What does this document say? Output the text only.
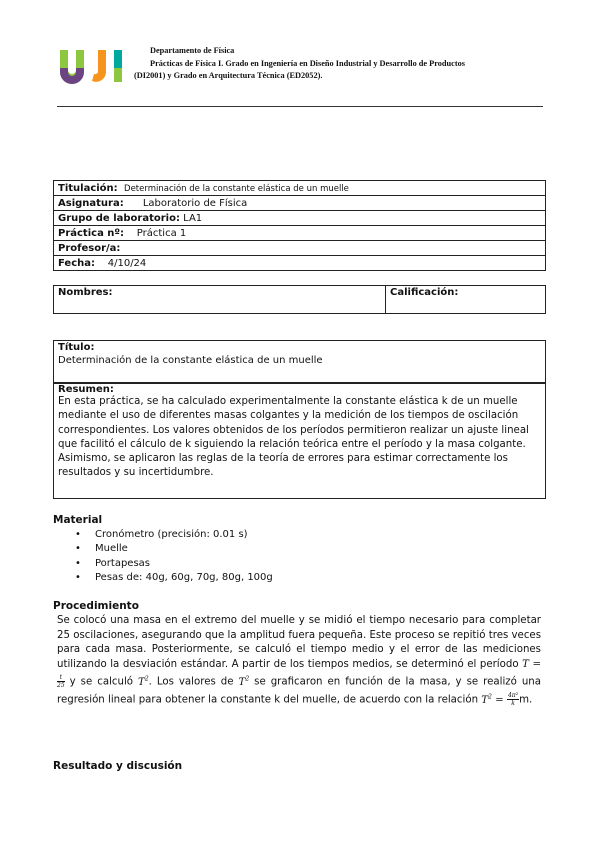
Departamento de Física
Prácticas de Física I. Grado en Ingeniería en Diseño Industrial y Desarrollo de Productos
(DI2001) y Grado en Arquitectura Técnica (ED2052).
Titulación: Determinación de la constante elástica de un muelle
Asignatura: Laboratorio de Física
Grupo de laboratorio: LA1
Práctica nº: Práctica 1
Profesor/a:
Fecha: 4/10/24
Nombres:	Calificación:
Título:
Determinación de la constante elástica de un muelle
Resumen:
En esta práctica, se ha calculado experimentalmente la constante elástica k de un muelle
mediante el uso de diferentes masas colgantes y la medición de los tiempos de oscilación
correspondientes. Los valores obtenidos de los períodos permitieron realizar un ajuste lineal
que facilitó el cálculo de k siguiendo la relación teórica entre el período y la masa colgante.
Asimismo, se aplicaron las reglas de la teoría de errores para estimar correctamente los
resultados y su incertidumbre.
Material
• Cronómetro (precisión: 0.01 s)
• Muelle
• Portapesas
• Pesas de: 40g, 60g, 70g, 80g, 100g
Procedimiento
Se colocó una masa en el extremo del muelle y se midió el tiempo necesario para completar 25 oscilaciones, asegurando que la amplitud fuera pequeña. Este proceso se repitió tres veces para cada masa. Posteriormente, se calculó el tiempo medio y el error de las mediciones utilizando la desviación estándar. A partir de los tiempos medios, se determinó el período T =
$\frac{t}{25}$ y se calculó $T^2$. Los valores de $T^2$ se graficaron en función de la masa, y se realizó una regresión lineal para obtener la constante k del muelle, de acuerdo con la relación $T^2 = \frac{\text{4π²}}{k} m$.
Resultado y discusión
